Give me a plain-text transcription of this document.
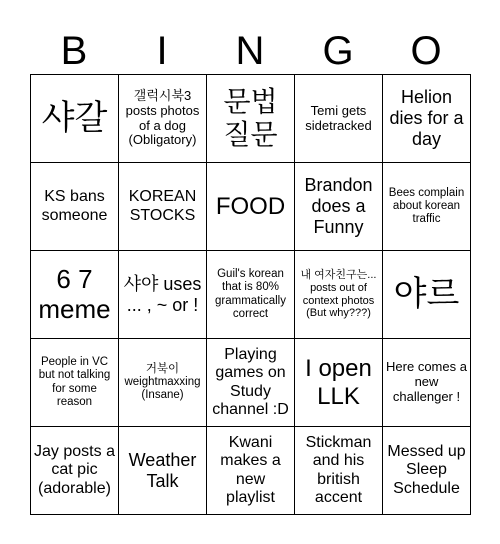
B	I	N	G	O
샤갈	갤럭시북3 posts photos of a dog (Obligatory)	문법 질문	Temi gets sidetracked	Helion dies for a day
KS bans someone	KOREAN STOCKS	FOOD	Brandon does a Funny	Bees complain about korean traffic
6 7 meme	샤야 uses ... , ~ or !	Guil's korean that is 80% grammatically correct	내 여자친구는... posts out of context photos (But why???)	야르
People in VC but not talking for some reason	거북이 weightmaxxing (Insane)	Playing games on Study channel :D	I open LLK	Here comes a new challenger !
Jay posts a cat pic (adorable)	Weather Talk	Kwani makes a new playlist	Stickman and his british accent	Messed up Sleep Schedule
